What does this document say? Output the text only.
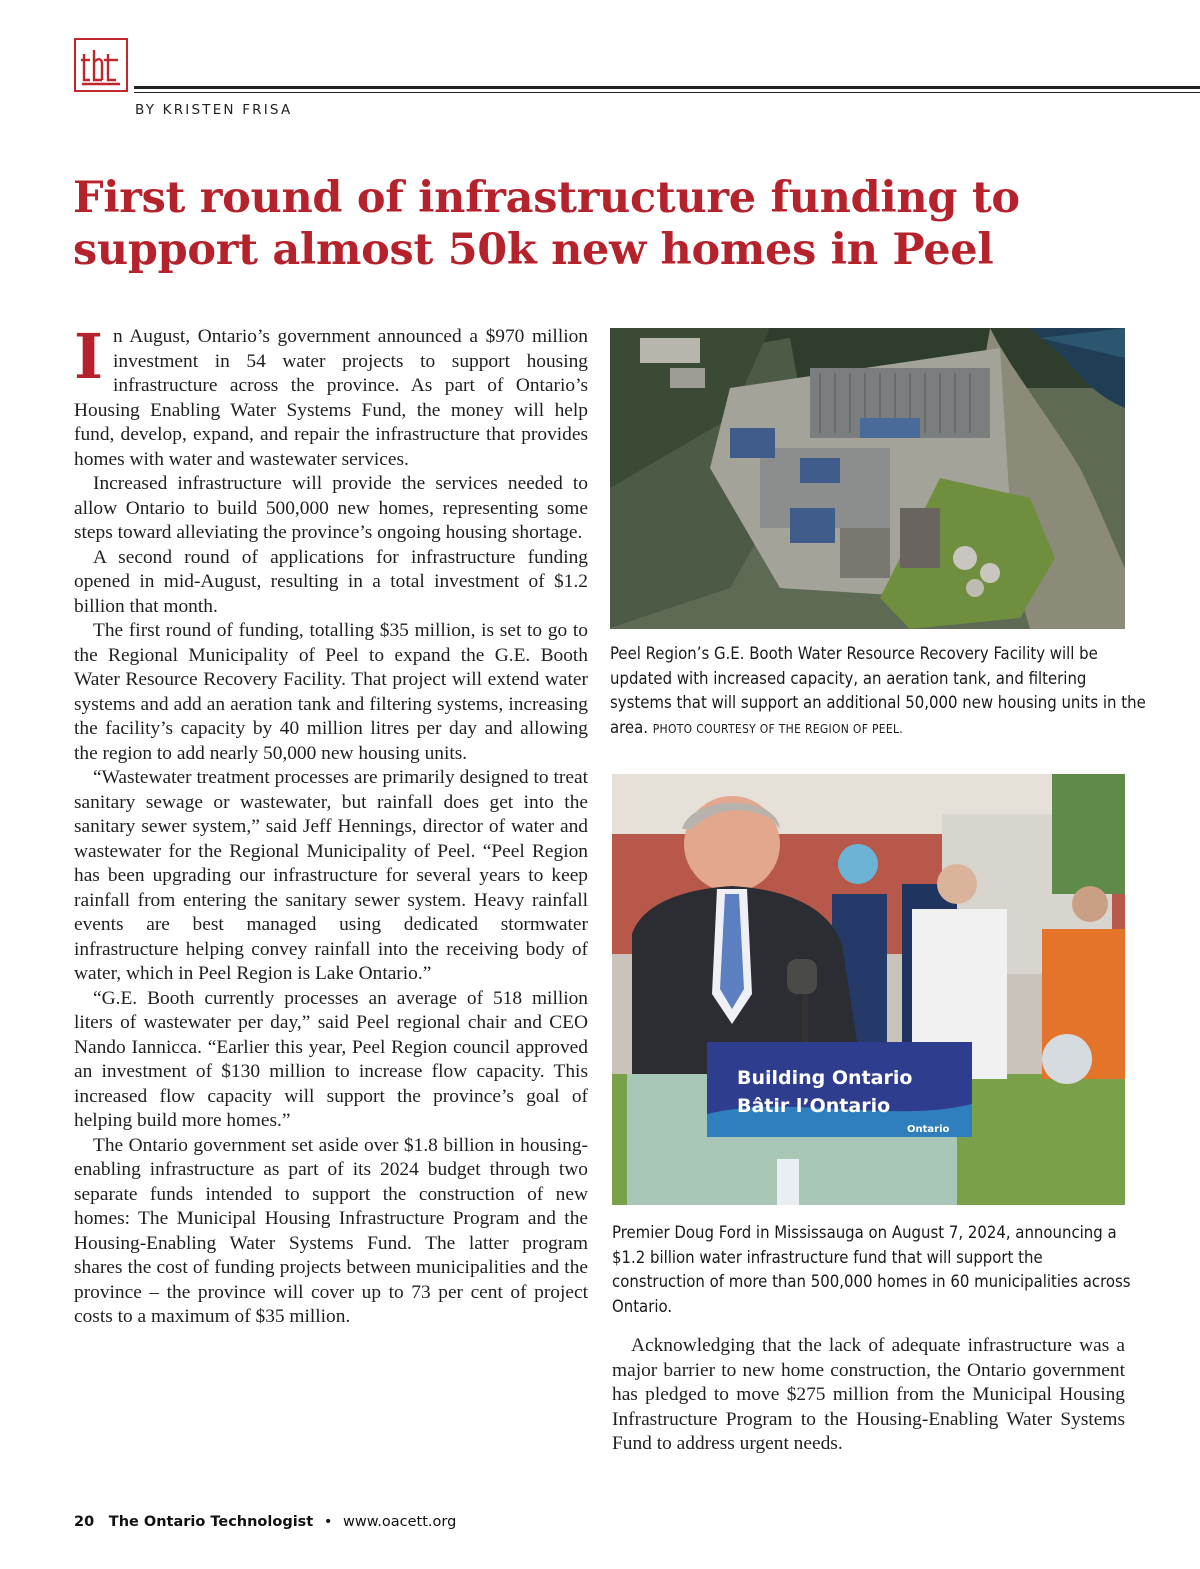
BY KRISTEN FRISA
First round of infrastructure funding to support almost 50k new homes in Peel

In August, Ontario’s government announced a $970 million investment in 54 water projects to support housing infrastructure across the province. As part of Ontario’s Housing Enabling Water Systems Fund, the money will help fund, develop, expand, and repair the infrastructure that provides homes with water and wastewater services.

Increased infrastructure will provide the services needed to allow Ontario to build 500,000 new homes, representing some steps toward alleviating the province’s ongoing housing shortage.

A second round of applications for infrastructure funding opened in mid-August, resulting in a total investment of $1.2 billion that month.

The first round of funding, totalling $35 million, is set to go to the Regional Municipality of Peel to expand the G.E. Booth Water Resource Recovery Facility. That project will extend water systems and add an aeration tank and filtering systems, increasing the facility’s capacity by 40 million litres per day and allowing the region to add nearly 50,000 new housing units.

“Wastewater treatment processes are primarily designed to treat sanitary sewage or wastewater, but rainfall does get into the sanitary sewer system,” said Jeff Hennings, director of water and wastewater for the Regional Municipality of Peel. “Peel Region has been upgrading our infrastructure for several years to keep rainfall from entering the sanitary sewer system. Heavy rainfall events are best managed using dedicated stormwater infrastructure helping convey rainfall into the receiving body of water, which in Peel Region is Lake Ontario.”

“G.E. Booth currently processes an average of 518 million liters of wastewater per day,” said Peel regional chair and CEO Nando Iannicca. “Earlier this year, Peel Region council approved an investment of $130 million to increase flow capacity. This increased flow capacity will support the province’s goal of helping build more homes.”

The Ontario government set aside over $1.8 billion in housing-enabling infrastructure as part of its 2024 budget through two separate funds intended to support the construction of new homes: The Municipal Housing Infrastructure Program and the Housing-Enabling Water Systems Fund. The latter program shares the cost of funding projects between municipalities and the province – the province will cover up to 73 per cent of project costs to a maximum of $35 million.

Peel Region’s G.E. Booth Water Resource Recovery Facility will be updated with increased capacity, an aeration tank, and filtering systems that will support an additional 50,000 new housing units in the area. PHOTO COURTESY OF THE REGION OF PEEL.
Building Ontario
Bâtir l’Ontario
Ontario
Premier Doug Ford in Mississauga on August 7, 2024, announcing a $1.2 billion water infrastructure fund that will support the construction of more than 500,000 homes in 60 municipalities across Ontario.

Acknowledging that the lack of adequate infrastructure was a major barrier to new home construction, the Ontario government has pledged to move $275 million from the Municipal Housing Infrastructure Program to the Housing-Enabling Water Systems Fund to address urgent needs.

20 The Ontario Technologist • www.oacett.org
